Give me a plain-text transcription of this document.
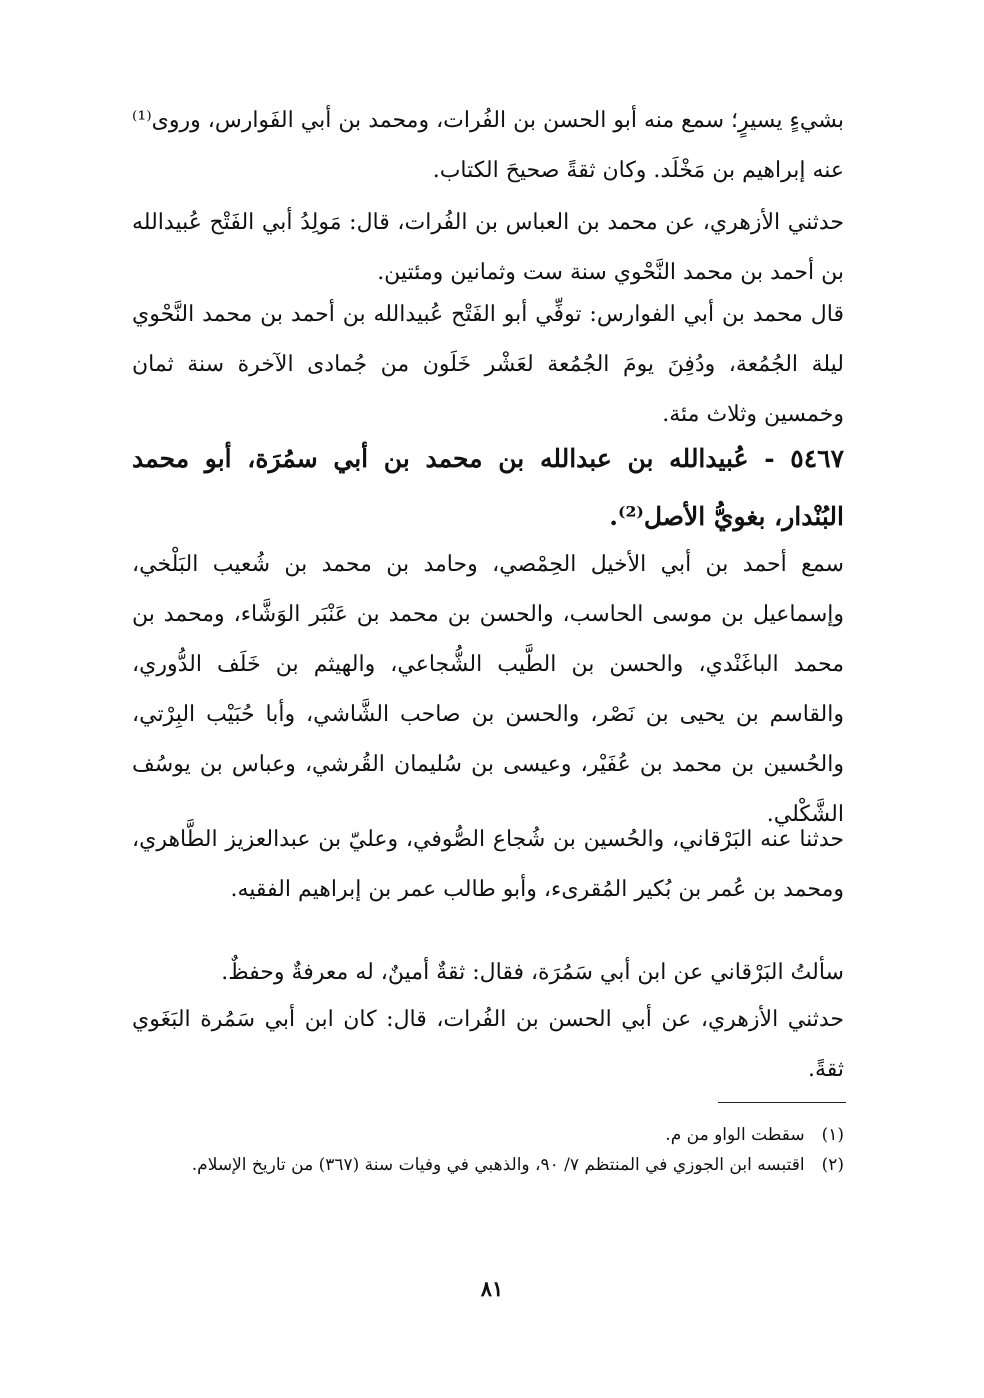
بشيءٍ يسيرٍ؛ سمع منه أبو الحسن بن الفُرات، ومحمد بن أبي الفَوارس، وروى⁽¹⁾ عنه إبراهيم بن مَخْلَد. وكان ثقةً صحيحَ الكتاب.

حدثني الأزهري، عن محمد بن العباس بن الفُرات، قال: مَولِدُ أبي الفَتْح عُبيدالله بن أحمد بن محمد النَّحْوي سنة ست وثمانين ومئتين.

قال محمد بن أبي الفوارس: توفِّي أبو الفَتْح عُبيدالله بن أحمد بن محمد النَّحْوي ليلة الجُمُعة، ودُفِنَ يومَ الجُمُعة لعَشْر خَلَون من جُمادى الآخرة سنة ثمان وخمسين وثلاث مئة.

٥٤٦٧ - عُبيدالله بن عبدالله بن محمد بن أبي سمُرَة، أبو محمد البُنْدار، بغويُّ الأصل⁽²⁾.

سمع أحمد بن أبي الأخيل الحِمْصي، وحامد بن محمد بن شُعيب البَلْخي، وإسماعيل بن موسى الحاسب، والحسن بن محمد بن عَنْبَر الوَشَّاء، ومحمد بن محمد الباغَنْدي، والحسن بن الطَّيب الشُّجاعي، والهيثم بن خَلَف الدُّوري، والقاسم بن يحيى بن نَصْر، والحسن بن صاحب الشَّاشي، وأبا حُبَيْب البِرْتي، والحُسين بن محمد بن عُفَيْر، وعيسى بن سُليمان القُرشي، وعباس بن يوسُف الشَّكْلي.

حدثنا عنه البَرْقاني، والحُسين بن شُجاع الصُّوفي، وعليّ بن عبدالعزيز الطَّاهري، ومحمد بن عُمر بن بُكير المُقرىء، وأبو طالب عمر بن إبراهيم الفقيه.

سألتُ البَرْقاني عن ابن أبي سَمُرَة، فقال: ثقةٌ أمينٌ، له معرفةٌ وحفظٌ.

حدثني الأزهري، عن أبي الحسن بن الفُرات، قال: كان ابن أبي سَمُرة البَغَوي ثقةً.

(١) سقطت الواو من م.
(٢) اقتبسه ابن الجوزي في المنتظم ٧/ ٩٠، والذهبي في وفيات سنة (٣٦٧) من تاريخ الإسلام.
٨١
